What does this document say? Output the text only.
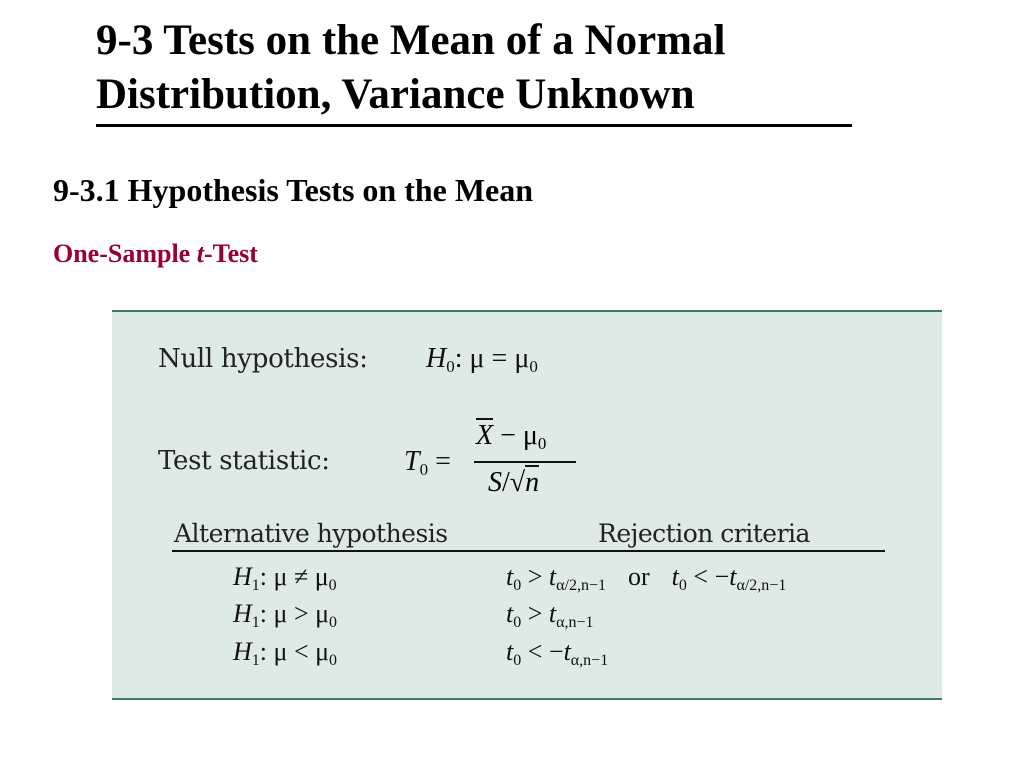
9-3 Tests on the Mean of a Normal
Distribution, Variance Unknown
9-3.1 Hypothesis Tests on the Mean
One-Sample t-Test
Null hypothesis: $H_0$: $\mu = \mu_0$
Test statistic:	$T_0$ =
$X - \mu_0$
S/√n
Alternative hypothesis	Rejection criteria
$H_1$: $\mu \ne \mu_0$	$t_0 > t_{\alpha/2,n-1}$ or $t_0 < -t_{\alpha/2,n-1}$
$H_1$: $\mu > \mu_0$	$t_0 > t_{\alpha,n-1}$
$H_1$: $\mu < \mu_0$	$t_0 < -t_{\alpha,n-1}$
